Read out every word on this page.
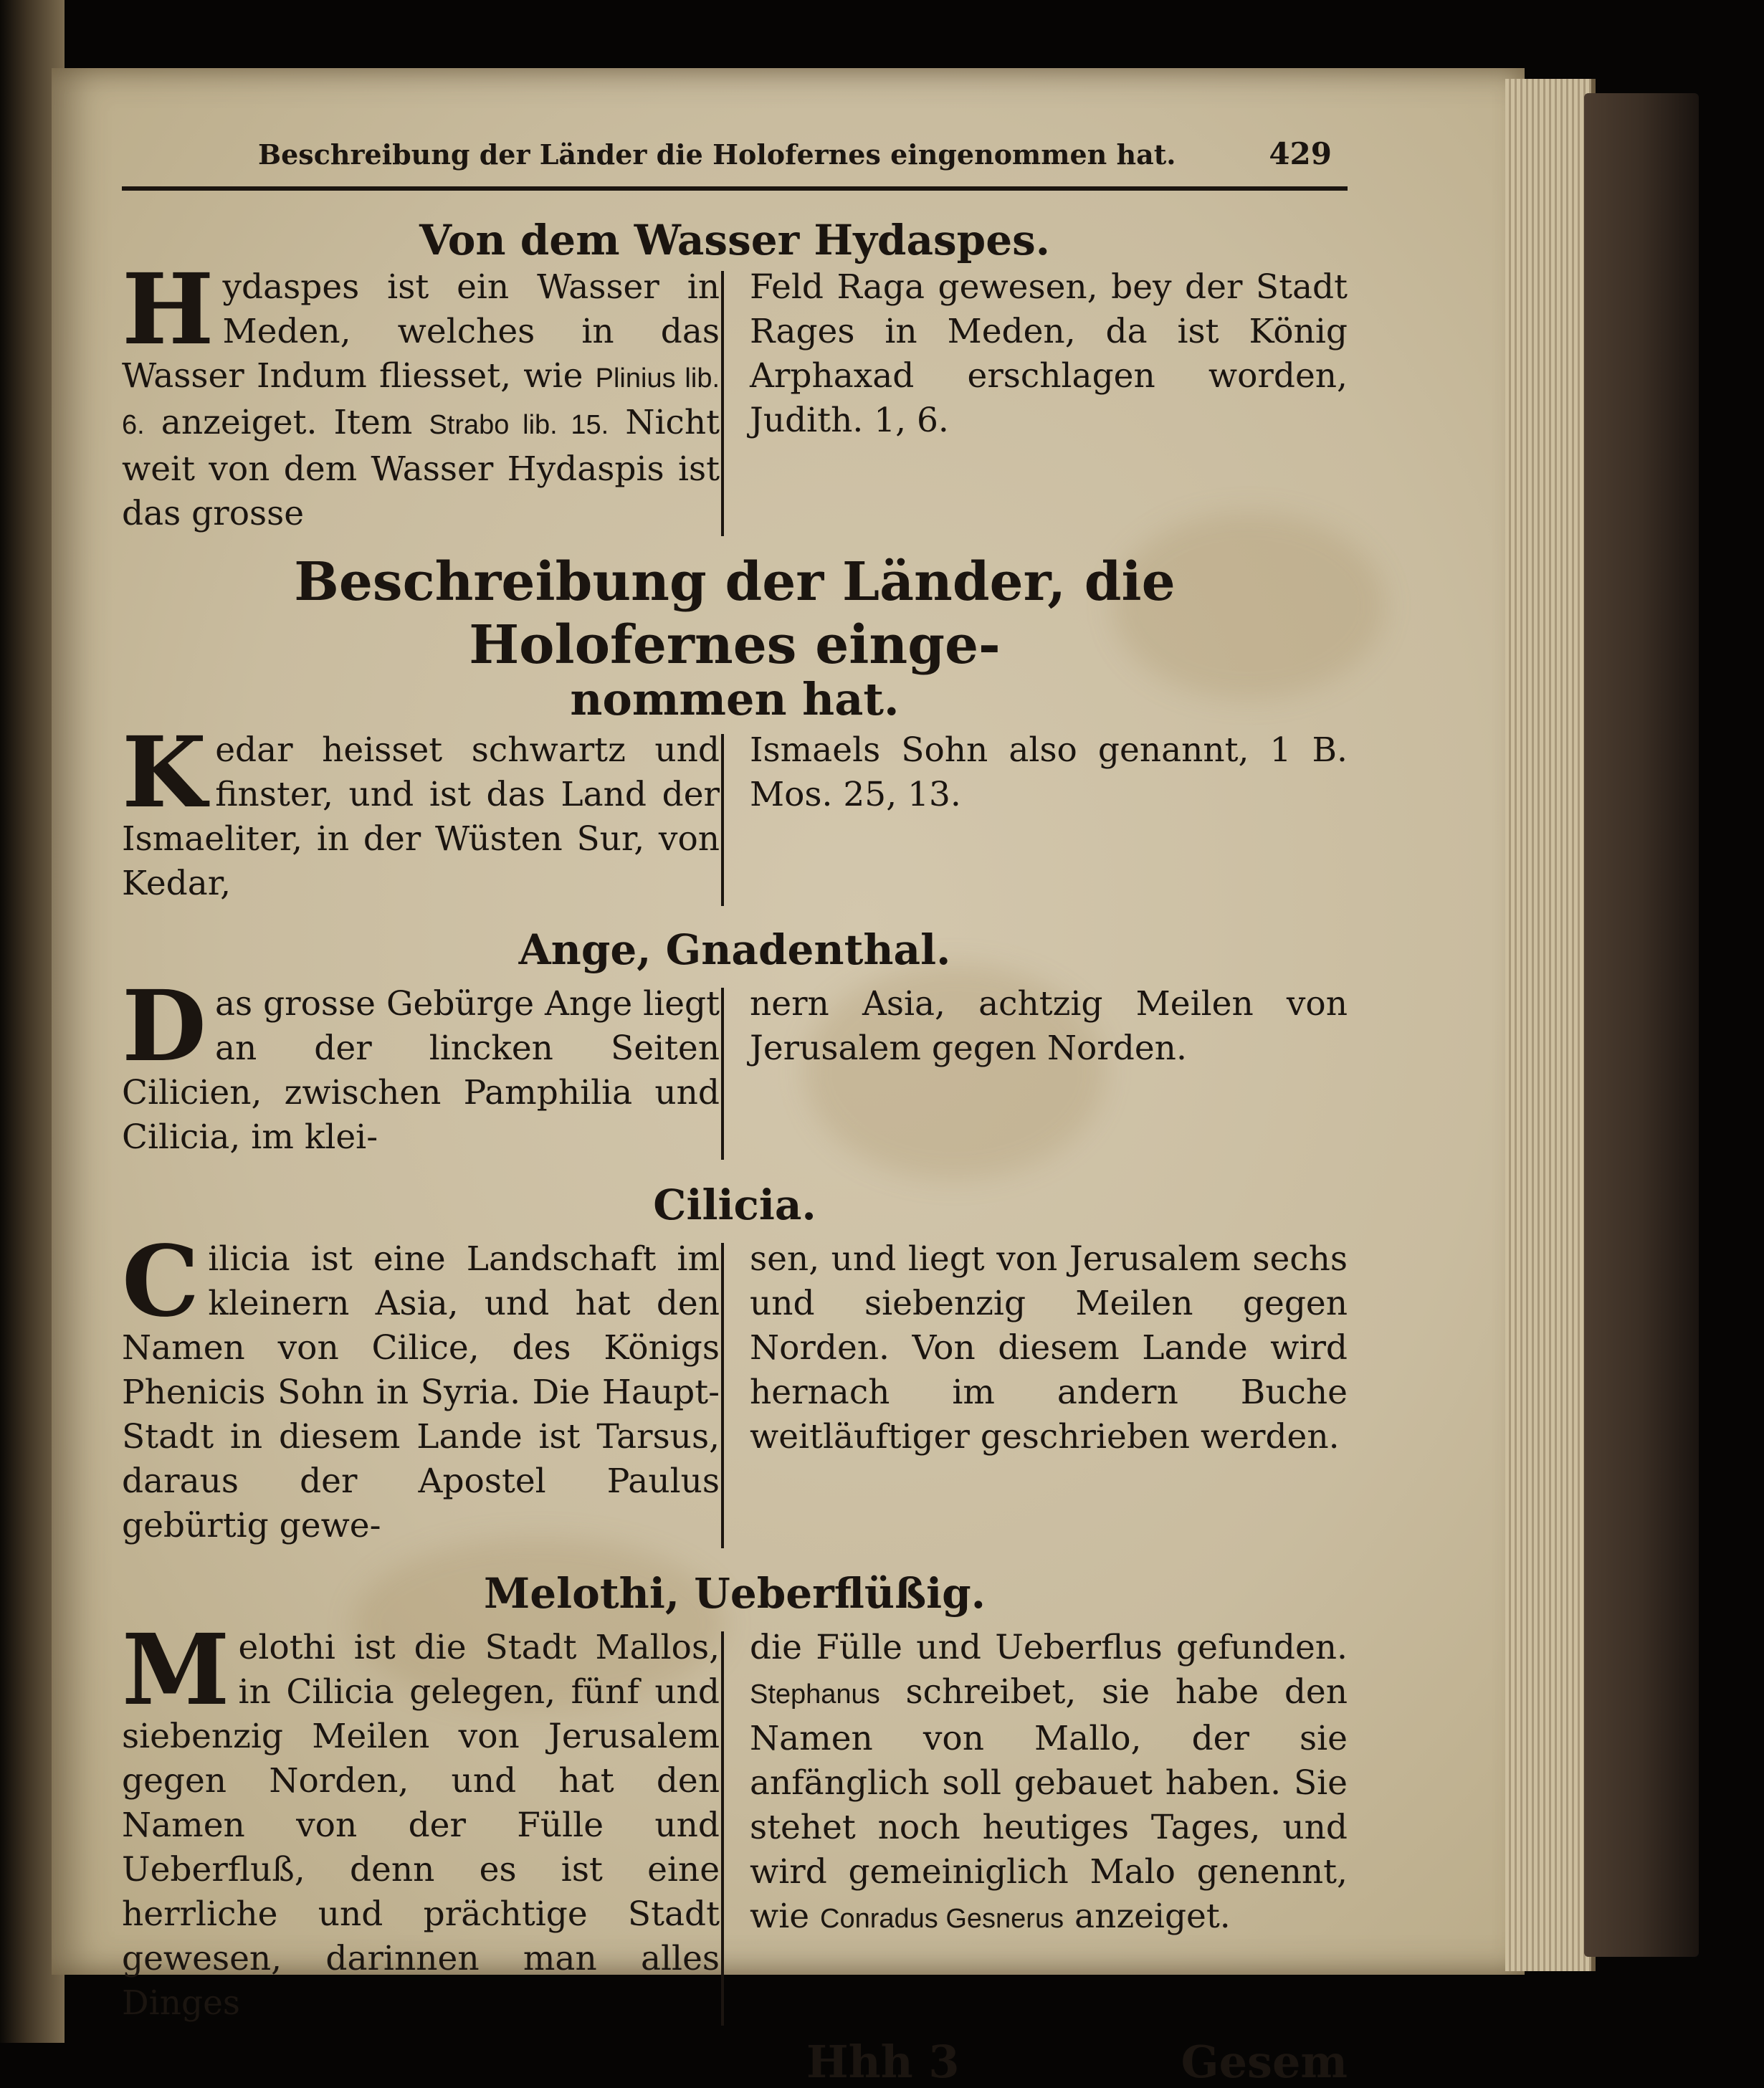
Beschreibung der Länder die Holofernes eingenommen hat.	429
Von dem Wasser Hydaspes.
Hydaspes ist ein Wasser in Meden, welches in das Wasser Indum fliesset, wie Plinius lib. 6. anzeiget. Item Strabo lib. 15. Nicht weit von dem Wasser Hydaspis ist das grosse
Feld Raga gewesen, bey der Stadt Rages in Meden, da ist König Arphaxad erschlagen worden, Judith. 1, 6.
Beschreibung der Länder, die Holofernes einge-
nommen hat.
Kedar heisset schwartz und finster, und ist das Land der Ismaeliter, in der Wüsten Sur, von Kedar,
Ismaels Sohn also genannt, 1 B. Mos. 25, 13.
Ange, Gnadenthal.
Das grosse Gebürge Ange liegt an der lincken Seiten Cilicien, zwischen Pamphilia und Cilicia, im klei-
nern Asia, achtzig Meilen von Jerusalem gegen Norden.
Cilicia.
Cilicia ist eine Landschaft im kleinern Asia, und hat den Namen von Cilice, des Königs Phenicis Sohn in Syria. Die Haupt-Stadt in diesem Lande ist Tarsus, daraus der Apostel Paulus gebürtig gewe-
sen, und liegt von Jerusalem sechs und siebenzig Meilen gegen Norden. Von diesem Lande wird hernach im andern Buche weitläuftiger geschrieben werden.
Melothi, Ueberflüßig.
Melothi ist die Stadt Mallos, in Cilicia gelegen, fünf und siebenzig Meilen von Jerusalem gegen Norden, und hat den Namen von der Fülle und Ueberfluß, denn es ist eine herrliche und prächtige Stadt gewesen, darinnen man alles Dinges
die Fülle und Ueberflus gefunden. Stephanus schreibet, sie habe den Namen von Mallo, der sie anfänglich soll gebauet haben. Sie stehet noch heutiges Tages, und wird gemeiniglich Malo genennt, wie Conradus Gesnerus anzeiget.
Hhh 3	Gesem
